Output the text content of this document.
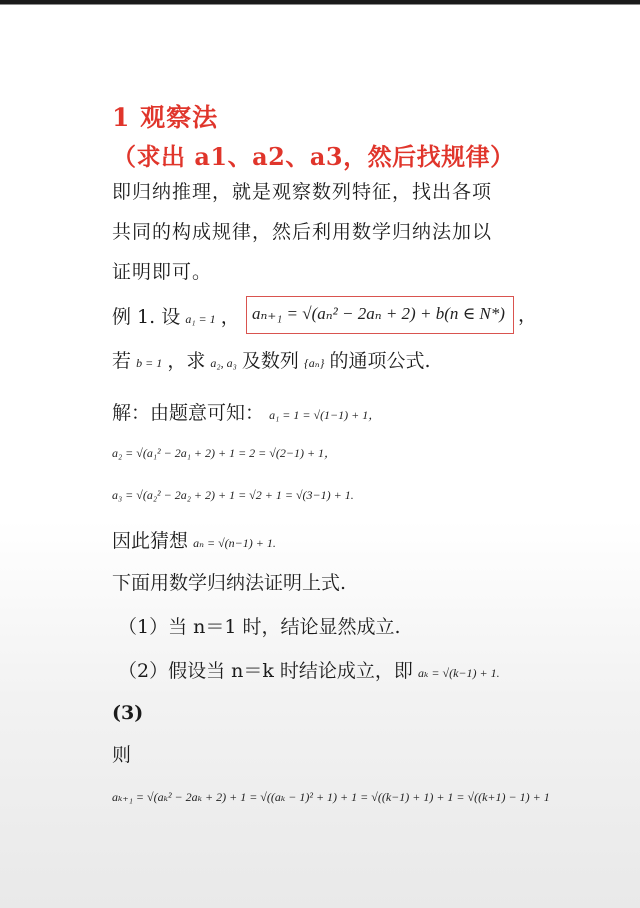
1 观察法
（求出 a1、a2、a3，然后找规律）
即归纳推理，就是观察数列特征，找出各项
共同的构成规律，然后利用数学归纳法加以
证明即可。
例 1. 设 a₁ = 1 ， aₙ₊₁ = √(aₙ² − 2aₙ + 2) + b(n ∈ N*) ，
若 b = 1 ，求 a₂, a₃ 及数列 {aₙ} 的通项公式.
解：由题意可知： a₁ = 1 = √(1−1) + 1，
a₂ = √(a₁² − 2a₁ + 2) + 1 = 2 = √(2−1) + 1，
a₃ = √(a₂² − 2a₂ + 2) + 1 = √2 + 1 = √(3−1) + 1.
因此猜想 aₙ = √(n−1) + 1.
下面用数学归纳法证明上式.
（1）当 n＝1 时，结论显然成立.
（2）假设当 n＝k 时结论成立，即 aₖ = √(k−1) + 1.
(3)
则
aₖ₊₁ = √(aₖ² − 2aₖ + 2) + 1 = √((aₖ − 1)² + 1) + 1 = √((k−1) + 1) + 1 = √((k+1) − 1) + 1
